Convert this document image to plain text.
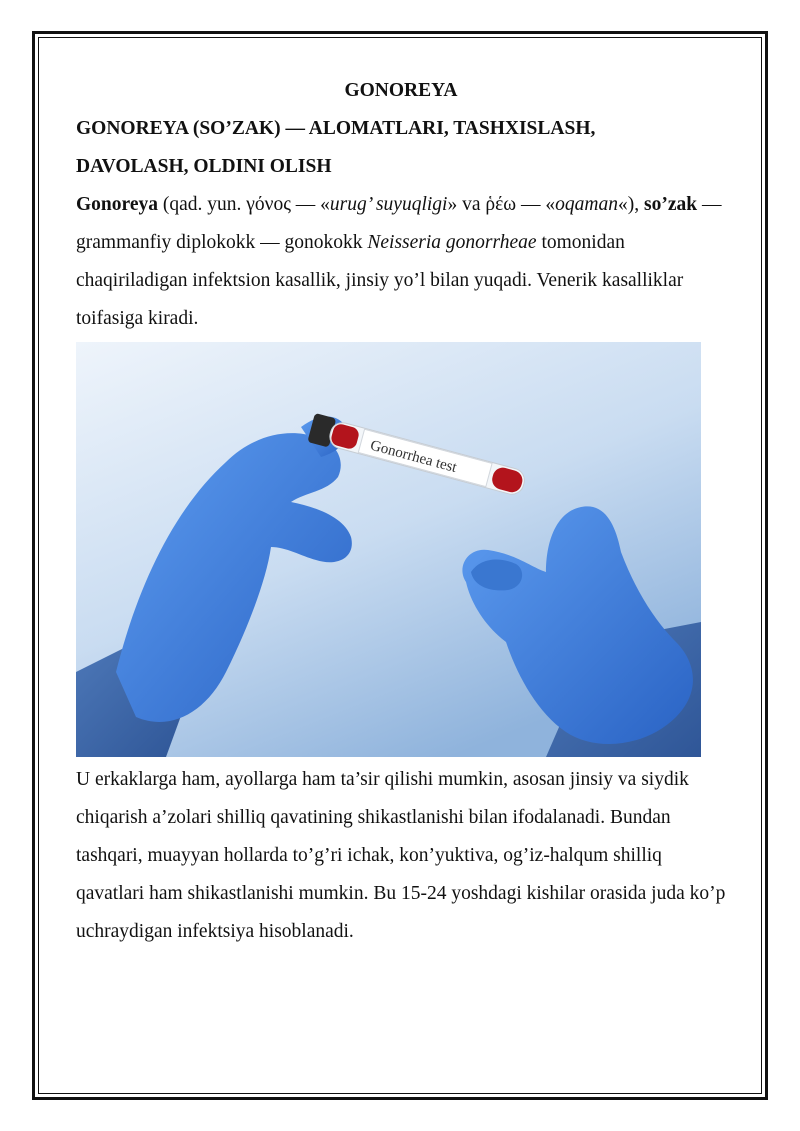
GONOREYA
GONOREYA (SO’ZAK) — ALOMATLARI, TASHXISLASH,
DAVOLASH, OLDINI OLISH

Gonoreya (qad. yun. γόνος — «urug’ suyuqligi» va ῥέω — «oqaman«), so’zak — grammanfiy diplokokk — gonokokk Neisseria gonorrheae tomonidan chaqiriladigan infektsion kasallik, jinsiy yo’l bilan yuqadi. Venerik kasalliklar toifasiga kiradi.

Gonorrhea test

U erkaklarga ham, ayollarga ham ta’sir qilishi mumkin, asosan jinsiy va siydik chiqarish a’zolari shilliq qavatining shikastlanishi bilan ifodalanadi. Bundan tashqari, muayyan hollarda to’g’ri ichak, kon’yuktiva, og’iz-halqum shilliq qavatlari ham shikastlanishi mumkin. Bu 15-24 yoshdagi kishilar orasida juda ko’p uchraydigan infektsiya hisoblanadi.
